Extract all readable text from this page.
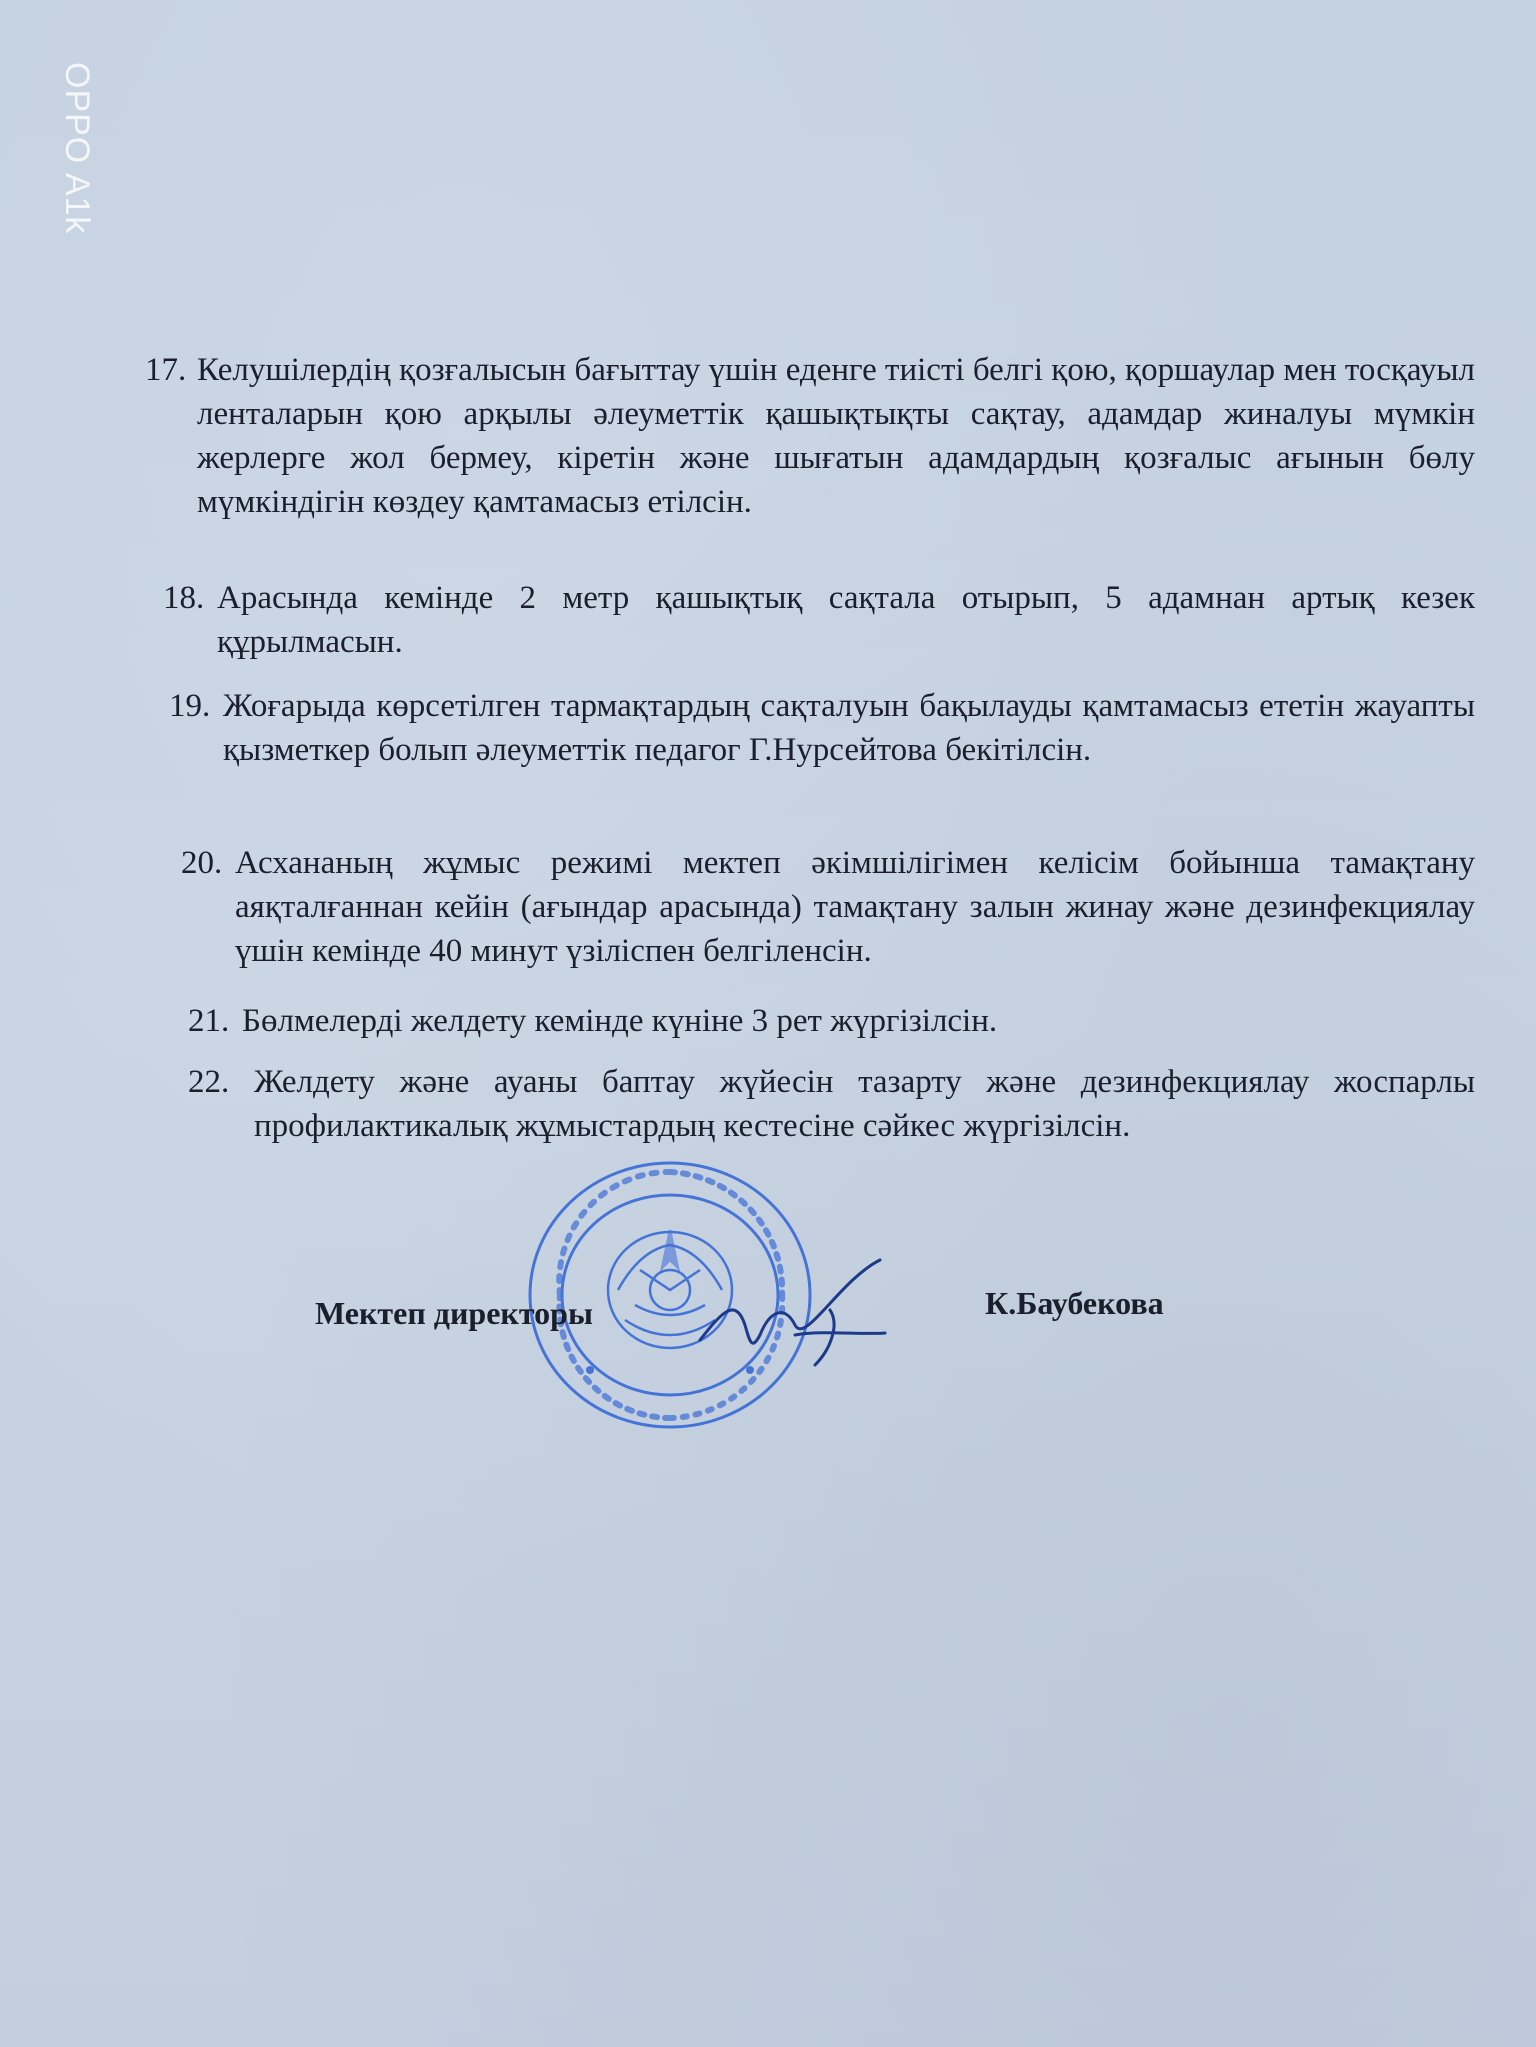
OPPO A1k
17. Келушілердің қозғалысын бағыттау үшін еденге тиісті белгі қою, қоршаулар мен тосқауыл ленталарын қою арқылы әлеуметтік қашықтықты сақтау, адамдар жиналуы мүмкін жерлерге жол бермеу, кіретін және шығатын адамдардың қозғалыс ағынын бөлу мүмкіндігін көздеу қамтамасыз етілсін.
18. Арасында кемінде 2 метр қашықтық сақтала отырып, 5 адамнан артық кезек құрылмасын.
19. Жоғарыда көрсетілген тармақтардың сақталуын бақылауды қамтамасыз ететін жауапты қызметкер болып әлеуметтік педагог Г.Нурсейтова бекітілсін.
20. Асхананың жұмыс режимі мектеп әкімшілігімен келісім бойынша тамақтану аяқталғаннан кейін (ағындар арасында) тамақтану залын жинау және дезинфекциялау үшін кемінде 40 минут үзіліспен белгіленсін.
21. Бөлмелерді желдету кемінде күніне 3 рет жүргізілсін.
22. Желдету және ауаны баптау жүйесін тазарту және дезинфекциялау жоспарлы профилактикалық жұмыстардың кестесіне сәйкес жүргізілсін.
Мектеп директоры	К.Баубекова
